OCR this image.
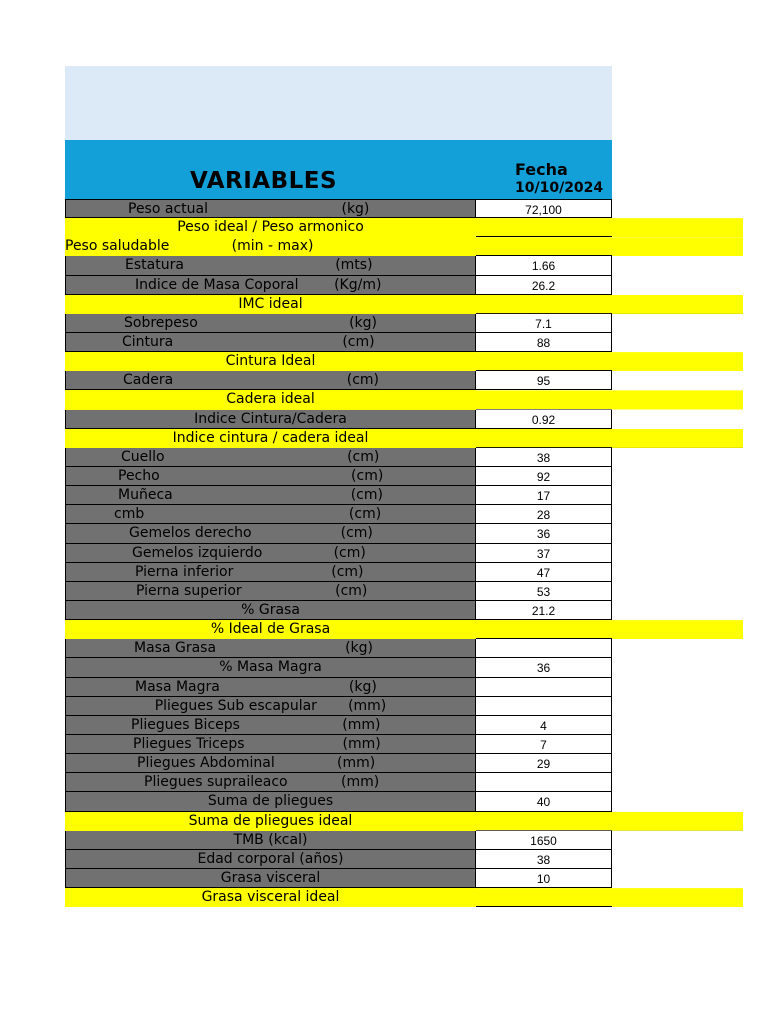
VARIABLES	Fecha
10/10/2024
Peso actual                              (kg)	72,100
Peso ideal / Peso armonico
Peso saludable              (min - max)
Estatura                                  (mts)	1.66
Indice de Masa Coporal        (Kg/m)	26.2
IMC ideal
Sobrepeso                                  (kg)	7.1
Cintura                                      (cm)	88
Cintura Ideal
Cadera                                       (cm)	95
Cadera ideal
Indice Cintura/Cadera	0.92
Indice cintura / cadera ideal
Cuello                                         (cm)	38
Pecho                                           (cm)	92
Muñeca                                        (cm)	17
cmb                                              (cm)	28
Gemelos derecho                    (cm)	36
Gemelos izquierdo                (cm)	37
Pierna inferior                      (cm)	47
Pierna superior                     (cm)	53
% Grasa	21.2
% Ideal de Grasa
Masa Grasa                             (kg)
% Masa Magra	36
Masa Magra                             (kg)
Pliegues Sub escapular       (mm)
Pliegues Biceps                       (mm)	4
Pliegues Triceps                      (mm)	7
Pliegues Abdominal              (mm)	29
Pliegues supraileaco            (mm)
Suma de pliegues	40
Suma de pliegues ideal
TMB (kcal)	1650
Edad corporal (años)	38
Grasa visceral	10
Grasa visceral ideal
